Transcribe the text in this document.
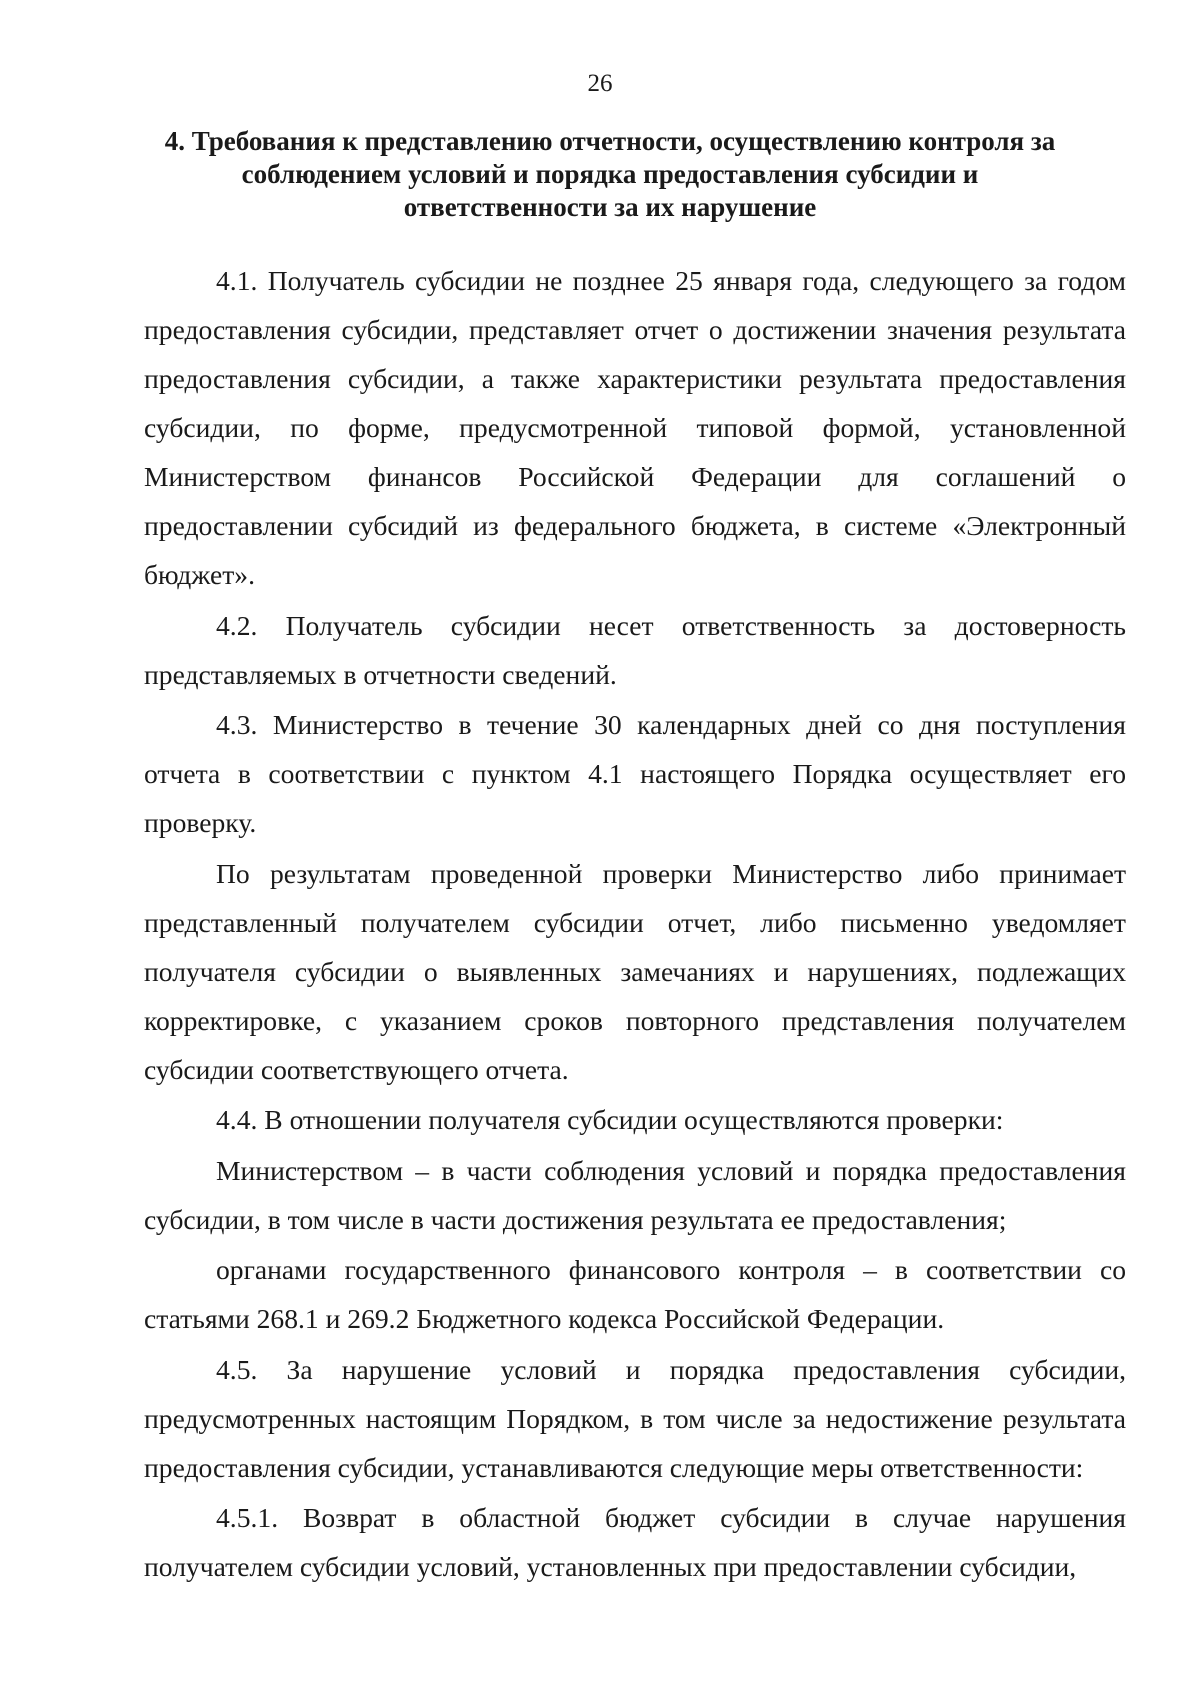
26
4. Требования к представлению отчетности, осуществлению контроля за соблюдением условий и порядка предоставления субсидии и ответственности за их нарушение

4.1. Получатель субсидии не позднее 25 января года, следующего за годом предоставления субсидии, представляет отчет о достижении значения результата предоставления субсидии, а также характеристики результата предоставления субсидии, по форме, предусмотренной типовой формой, установленной Министерством финансов Российской Федерации для соглашений о предоставлении субсидий из федерального бюджета, в системе «Электронный бюджет».

4.2. Получатель субсидии несет ответственность за достоверность представляемых в отчетности сведений.

4.3. Министерство в течение 30 календарных дней со дня поступления отчета в соответствии с пунктом 4.1 настоящего Порядка осуществляет его проверку.

По результатам проведенной проверки Министерство либо принимает представленный получателем субсидии отчет, либо письменно уведомляет получателя субсидии о выявленных замечаниях и нарушениях, подлежащих корректировке, с указанием сроков повторного представления получателем субсидии соответствующего отчета.

4.4. В отношении получателя субсидии осуществляются проверки:

Министерством – в части соблюдения условий и порядка предоставления субсидии, в том числе в части достижения результата ее предоставления;

органами государственного финансового контроля – в соответствии со статьями 268.1 и 269.2 Бюджетного кодекса Российской Федерации.

4.5. За нарушение условий и порядка предоставления субсидии, предусмотренных настоящим Порядком, в том числе за недостижение результата предоставления субсидии, устанавливаются следующие меры ответственности:

4.5.1. Возврат в областной бюджет субсидии в случае нарушения получателем субсидии условий, установленных при предоставлении субсидии,
